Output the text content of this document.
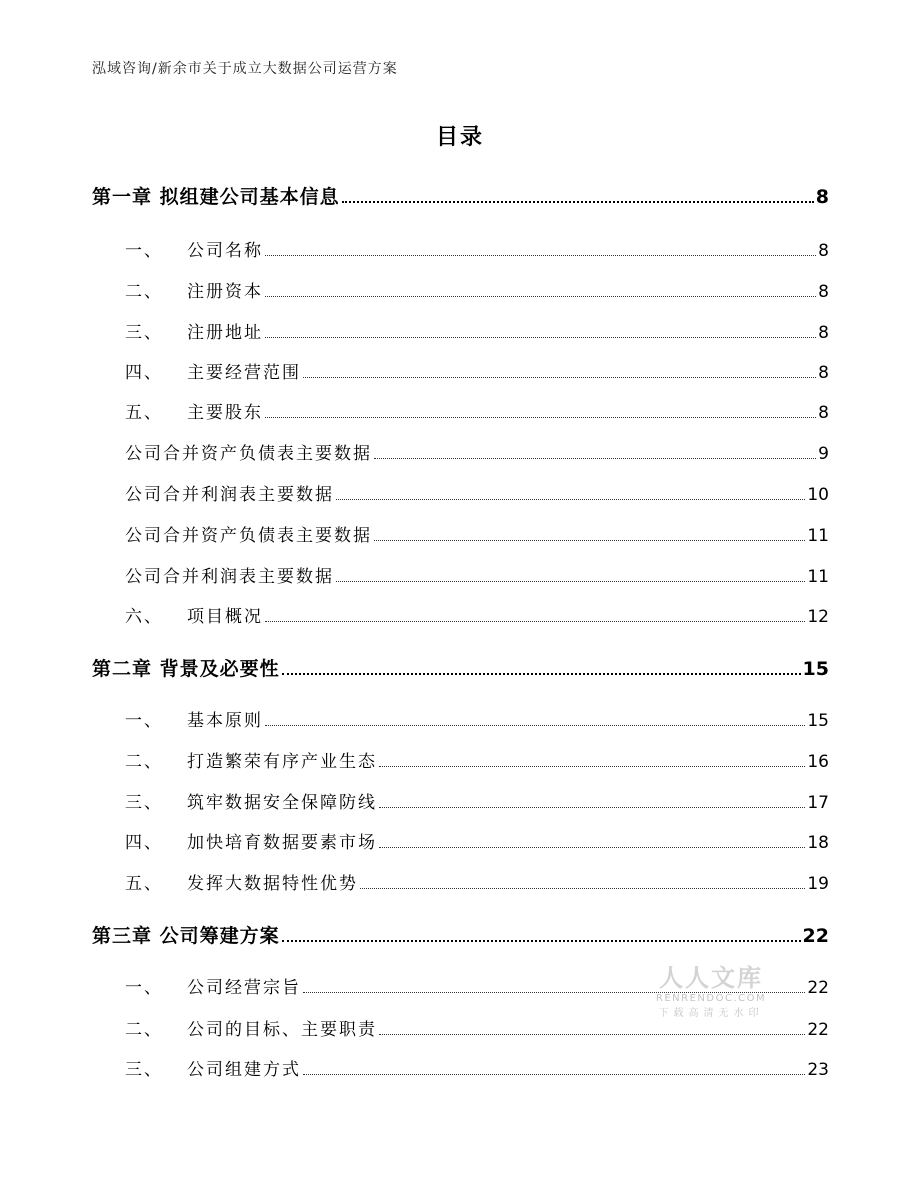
泓域咨询/新余市关于成立大数据公司运营方案
目录
第一章 拟组建公司基本信息	8
一、 公司名称	8
二、 注册资本	8
三、 注册地址	8
四、 主要经营范围	8
五、 主要股东	8
公司合并资产负债表主要数据	9
公司合并利润表主要数据	10
公司合并资产负债表主要数据	11
公司合并利润表主要数据	11
六、 项目概况	12
第二章 背景及必要性	15
一、 基本原则	15
二、 打造繁荣有序产业生态	16
三、 筑牢数据安全保障防线	17
四、 加快培育数据要素市场	18
五、 发挥大数据特性优势	19
第三章 公司筹建方案	22
一、 公司经营宗旨	22
二、 公司的目标、主要职责	22
三、 公司组建方式	23
人人文库
RENRENDOC.COM
下载高清无水印
